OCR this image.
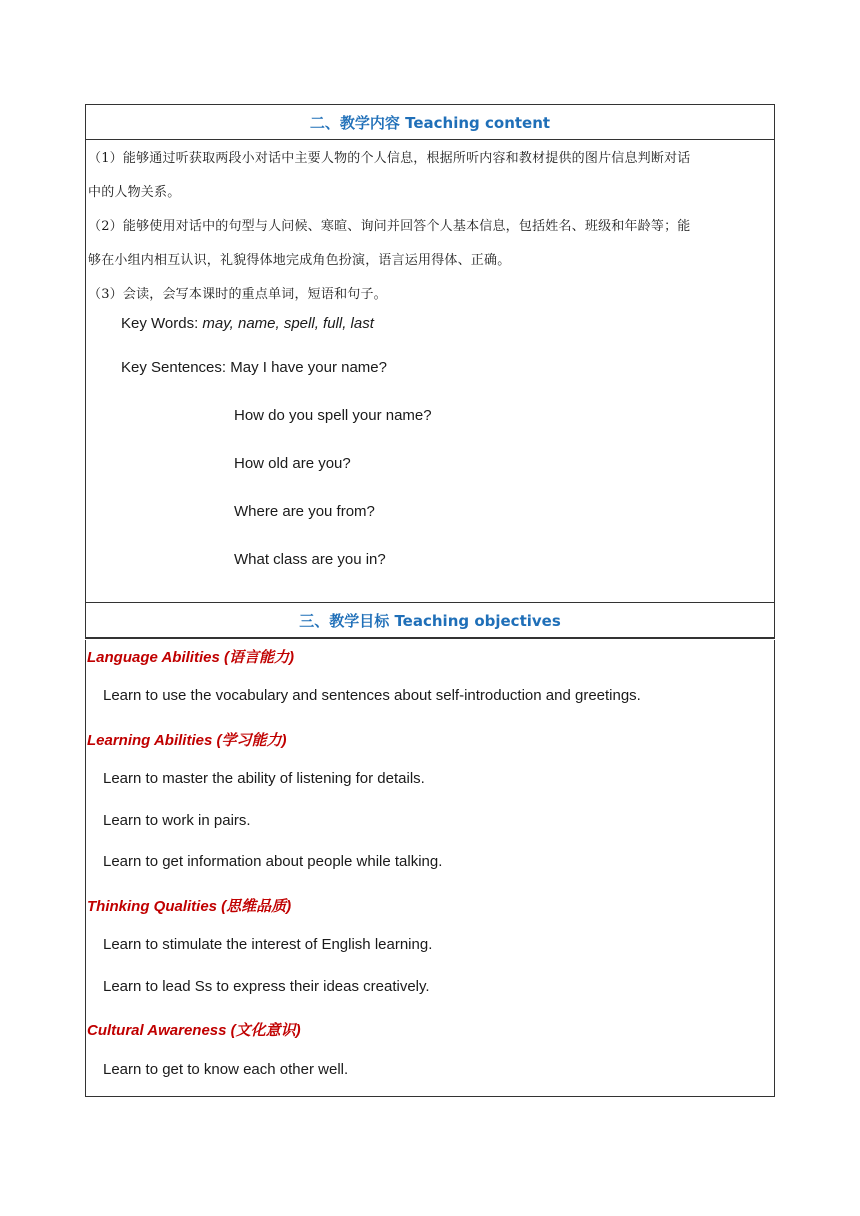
二、教学内容 Teaching content
（1）能够通过听获取两段小对话中主要人物的个人信息，根据所听内容和教材提供的图片信息判断对话
中的人物关系。
（2）能够使用对话中的句型与人问候、寒暄、询问并回答个人基本信息，包括姓名、班级和年龄等；能
够在小组内相互认识，礼貌得体地完成角色扮演，语言运用得体、正确。
（3）会读，会写本课时的重点单词，短语和句子。
Key Words: may, name, spell, full, last
Key Sentences: May I have your name?
How do you spell your name?
How old are you?
Where are you from?
What class are you in?
三、教学目标 Teaching objectives
Language Abilities (语言能力)
Learn to use the vocabulary and sentences about self-introduction and greetings.
Learning Abilities (学习能力)
Learn to master the ability of listening for details.
Learn to work in pairs.
Learn to get information about people while talking.
Thinking Qualities (思维品质)
Learn to stimulate the interest of English learning.
Learn to lead Ss to express their ideas creatively.
Cultural Awareness (文化意识)
Learn to get to know each other well.
